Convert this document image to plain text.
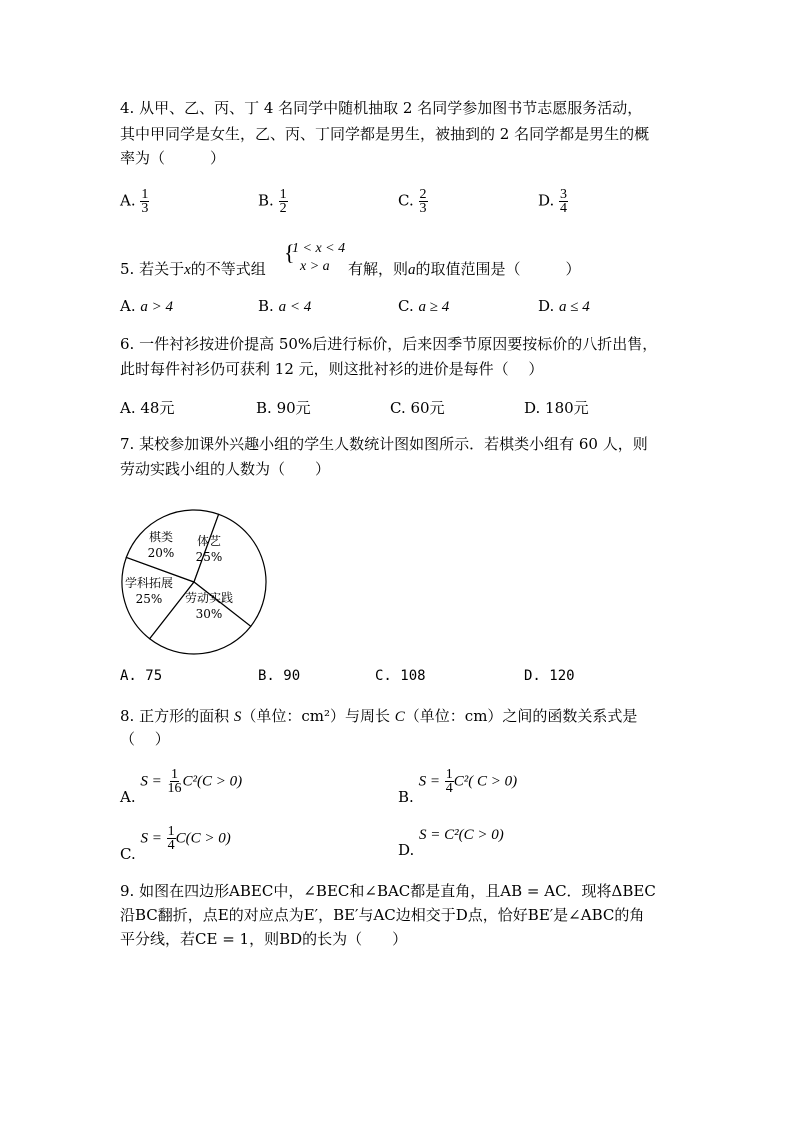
4. 从甲、乙、丙、丁 4 名同学中随机抽取 2 名同学参加图书节志愿服务活动，
其中甲同学是女生，乙、丙、丁同学都是男生，被抽到的 2 名同学都是男生的概
率为（　　　）
A. $\frac{1}{3}$	B. $\frac{1}{2}$	C. $\frac{2}{3}$	D. $\frac{3}{4}$
5. 若关于x的不等式组
{
1 < x < 4
x > a 有解，则a的取值范围是（　　　）
A. a > 4	B. a < 4	C. a ≥ 4	D. a ≤ 4
6. 一件衬衫按进价提高 50%后进行标价，后来因季节原因要按标价的八折出售，
此时每件衬衫仍可获利 12 元，则这批衬衫的进价是每件（　 ）
A. 48元	B. 90元	C. 60元	D. 180元
7. 某校参加课外兴趣小组的学生人数统计图如图所示．若棋类小组有 60 人，则
劳动实践小组的人数为（　　）
棋类
20%
体艺
25%
劳动实践
30%
学科拓展
25%
A. 75	B. 90	C. 108	D. 120
8. 正方形的面积 S（单位：cm²）与周长 C（单位：cm）之间的函数关系式是
（　 ）
A. $S = \frac{1}{16} C^2(C > 0)$
B. $S = \frac{1}{4} C^2$( C > 0)
C. $S = \frac{1}{4} C(C > 0)$
D. S = C²(C > 0)
9. 如图在四边形ABEC中，∠BEC和∠BAC都是直角，且AB = AC．现将ΔBEC
沿BC翻折，点E的对应点为E′，BE′与AC边相交于D点，恰好BE′是∠ABC的角
平分线，若CE = 1，则BD的长为（　　）
